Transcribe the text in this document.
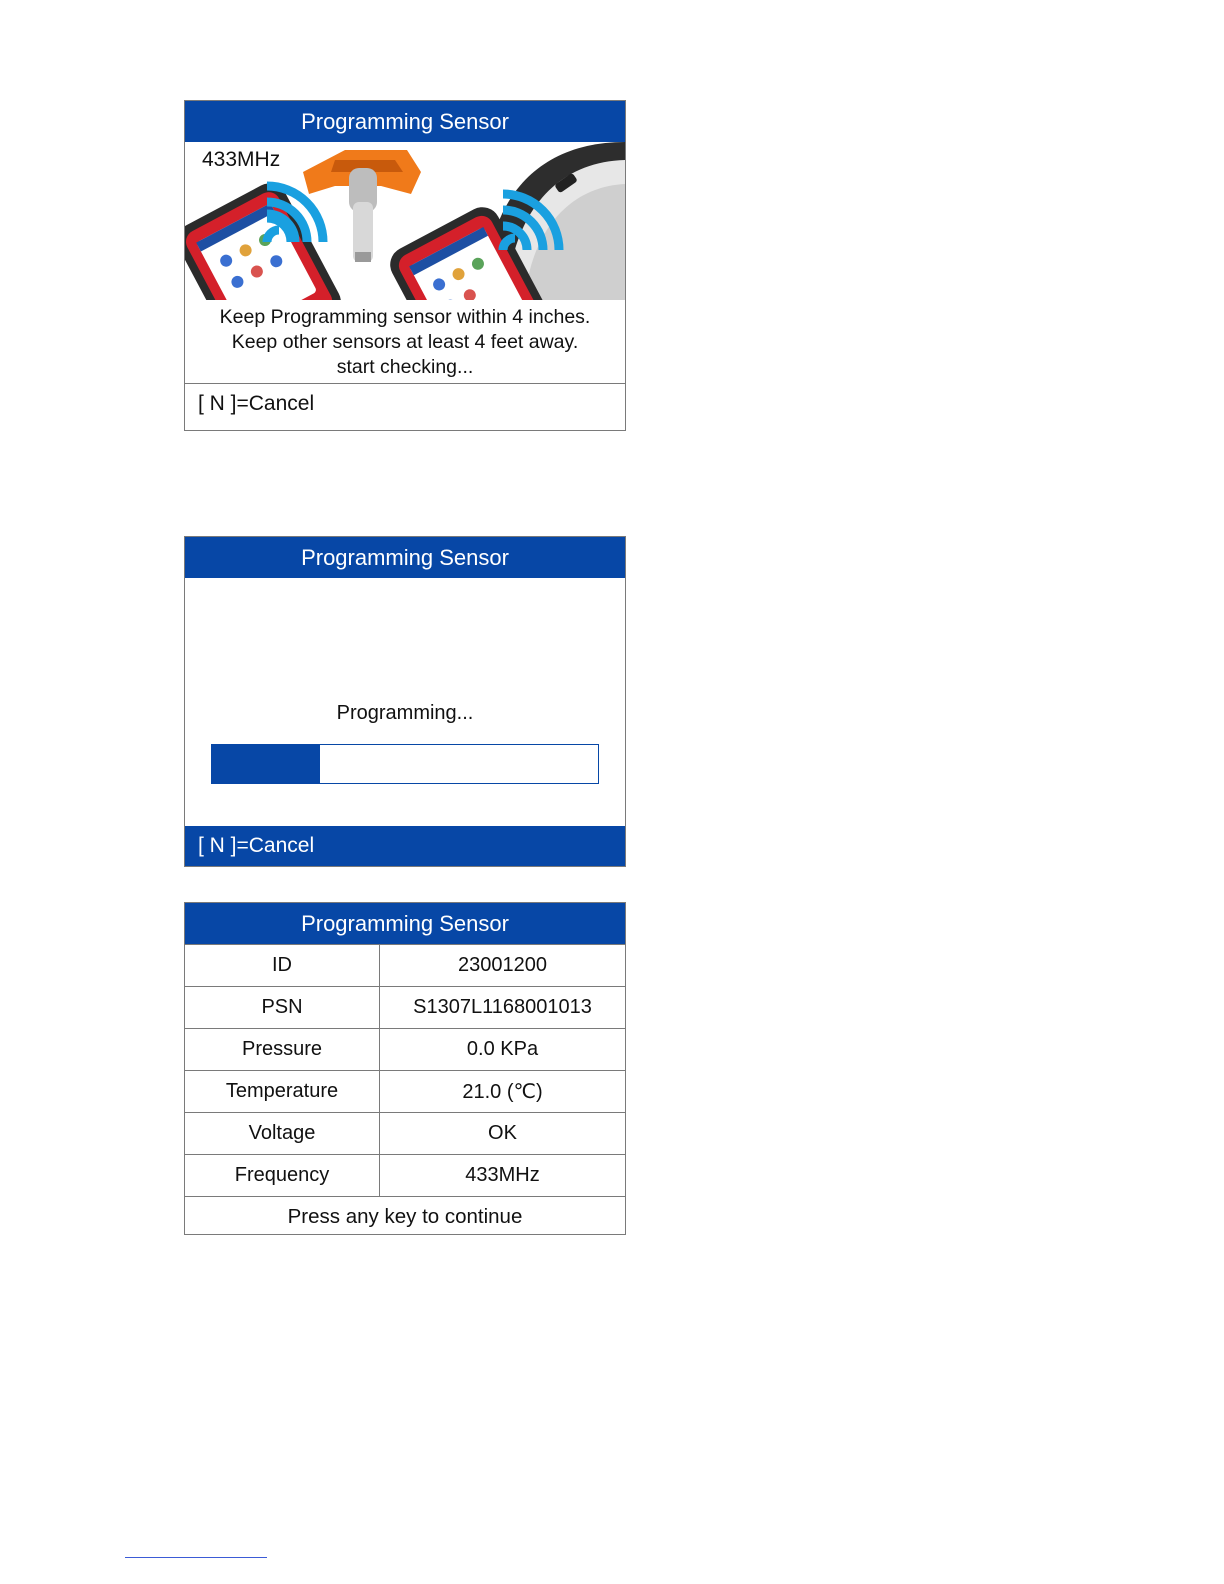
Programming Sensor
433MHz
Keep Programming sensor within 4 inches.
Keep other sensors at least 4 feet away.
start checking...
[ N ]=Cancel
Programming Sensor
Programming...
[ N ]=Cancel
Programming Sensor
ID	23001200
PSN	S1307L1168001013
Pressure	0.0 KPa
Temperature	21.0 (℃)
Voltage	OK
Frequency	433MHz
Press any key to continue
